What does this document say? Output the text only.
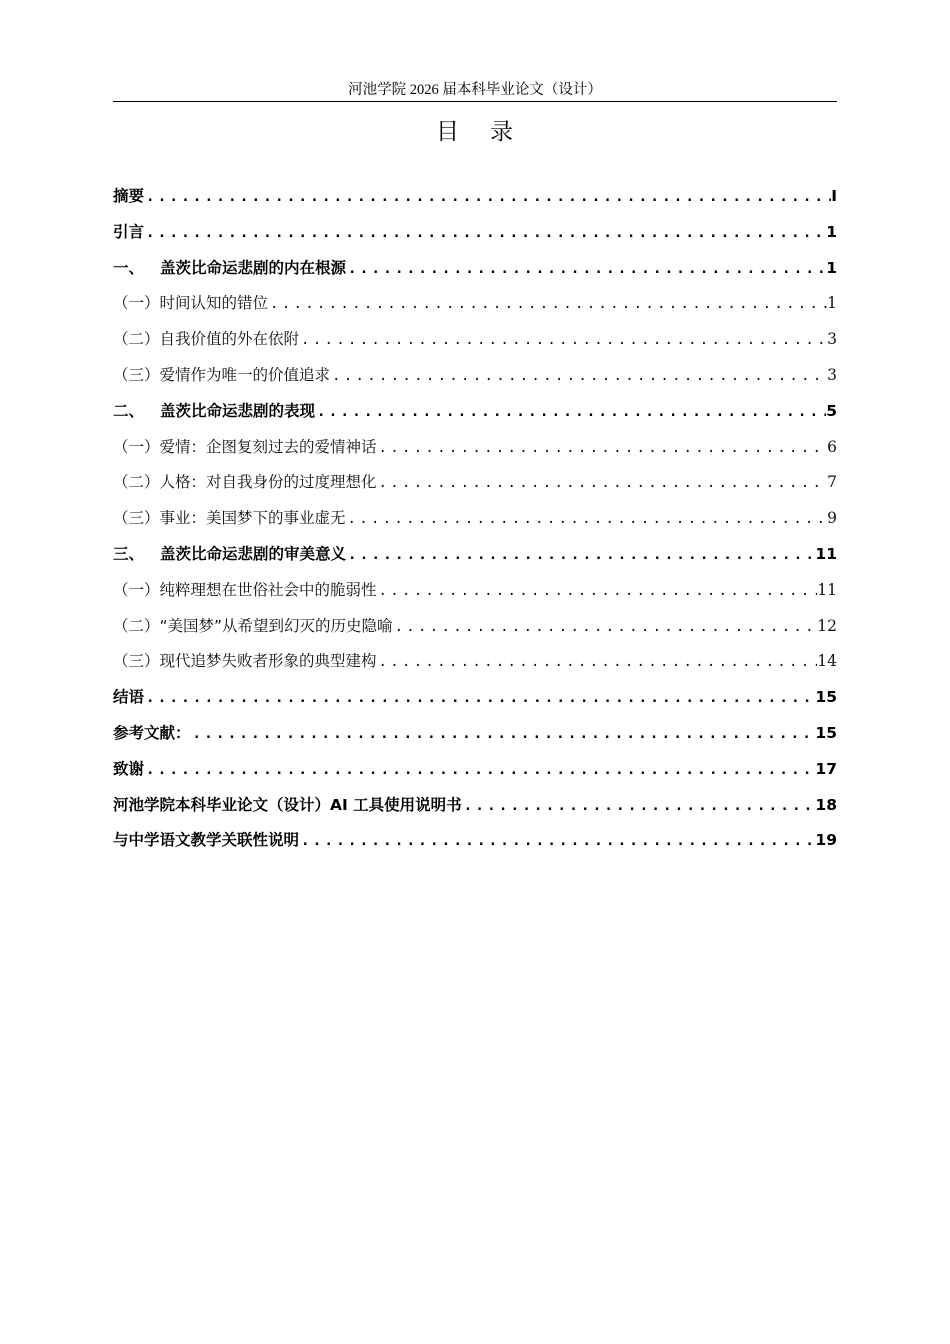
河池学院 2026 届本科毕业论文（设计）
目 录
摘要 .....	I
引言 .....	1
一、 盖茨比命运悲剧的内在根源 .....	1
（一）时间认知的错位 .....	1
（二）自我价值的外在依附 .....	3
（三）爱情作为唯一的价值追求 .....	3
二、 盖茨比命运悲剧的表现 .....	5
（一）爱情：企图复刻过去的爱情神话 .....	6
（二）人格：对自我身份的过度理想化 .....	7
（三）事业：美国梦下的事业虚无 .....	9
三、 盖茨比命运悲剧的审美意义 .....	11
（一）纯粹理想在世俗社会中的脆弱性 .....	11
（二）“美国梦”从希望到幻灭的历史隐喻 .....	12
（三）现代追梦失败者形象的典型建构 .....	14
结语 .....	15
参考文献： .....	15
致谢 .....	17
河池学院本科毕业论文（设计）AI 工具使用说明书 .....	18
与中学语文教学关联性说明 .....	19
